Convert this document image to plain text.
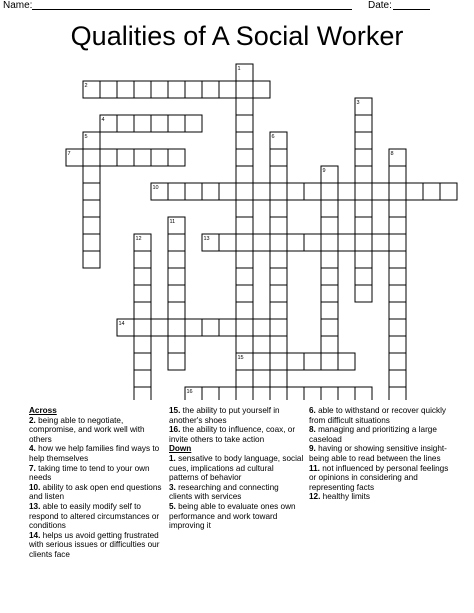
Name:	Date:
Qualities of A Social Worker
2
1
3
4
5	6
7	8
9
10
11
12	13
14
15
16
Across
2. being able to negotiate, compromise, and work well with others
4. how we help families find ways to help themselves
7. taking time to tend to your own needs
10. ability to ask open end questions and listen
13. able to easily modify self to respond to altered circumstances or conditions
14. helps us avoid getting frustrated with serious issues or difficulties our clients face
15. the ability to put yourself in another's shoes
16. the ability to influence, coax, or invite others to take action
Down
1. sensative to body language, social cues, implications ad cultural patterns of behavior
3. researching and connecting clients with services
5. being able to evaluate ones own performance and work toward improving it
6. able to withstand or recover quickly from difficult situations
8. managing and prioritizing a large caseload
9. having or showing sensitive insight- being able to read between the lines
11. not influenced by personal feelings or opinions in considering and representing facts
12. healthy limits
